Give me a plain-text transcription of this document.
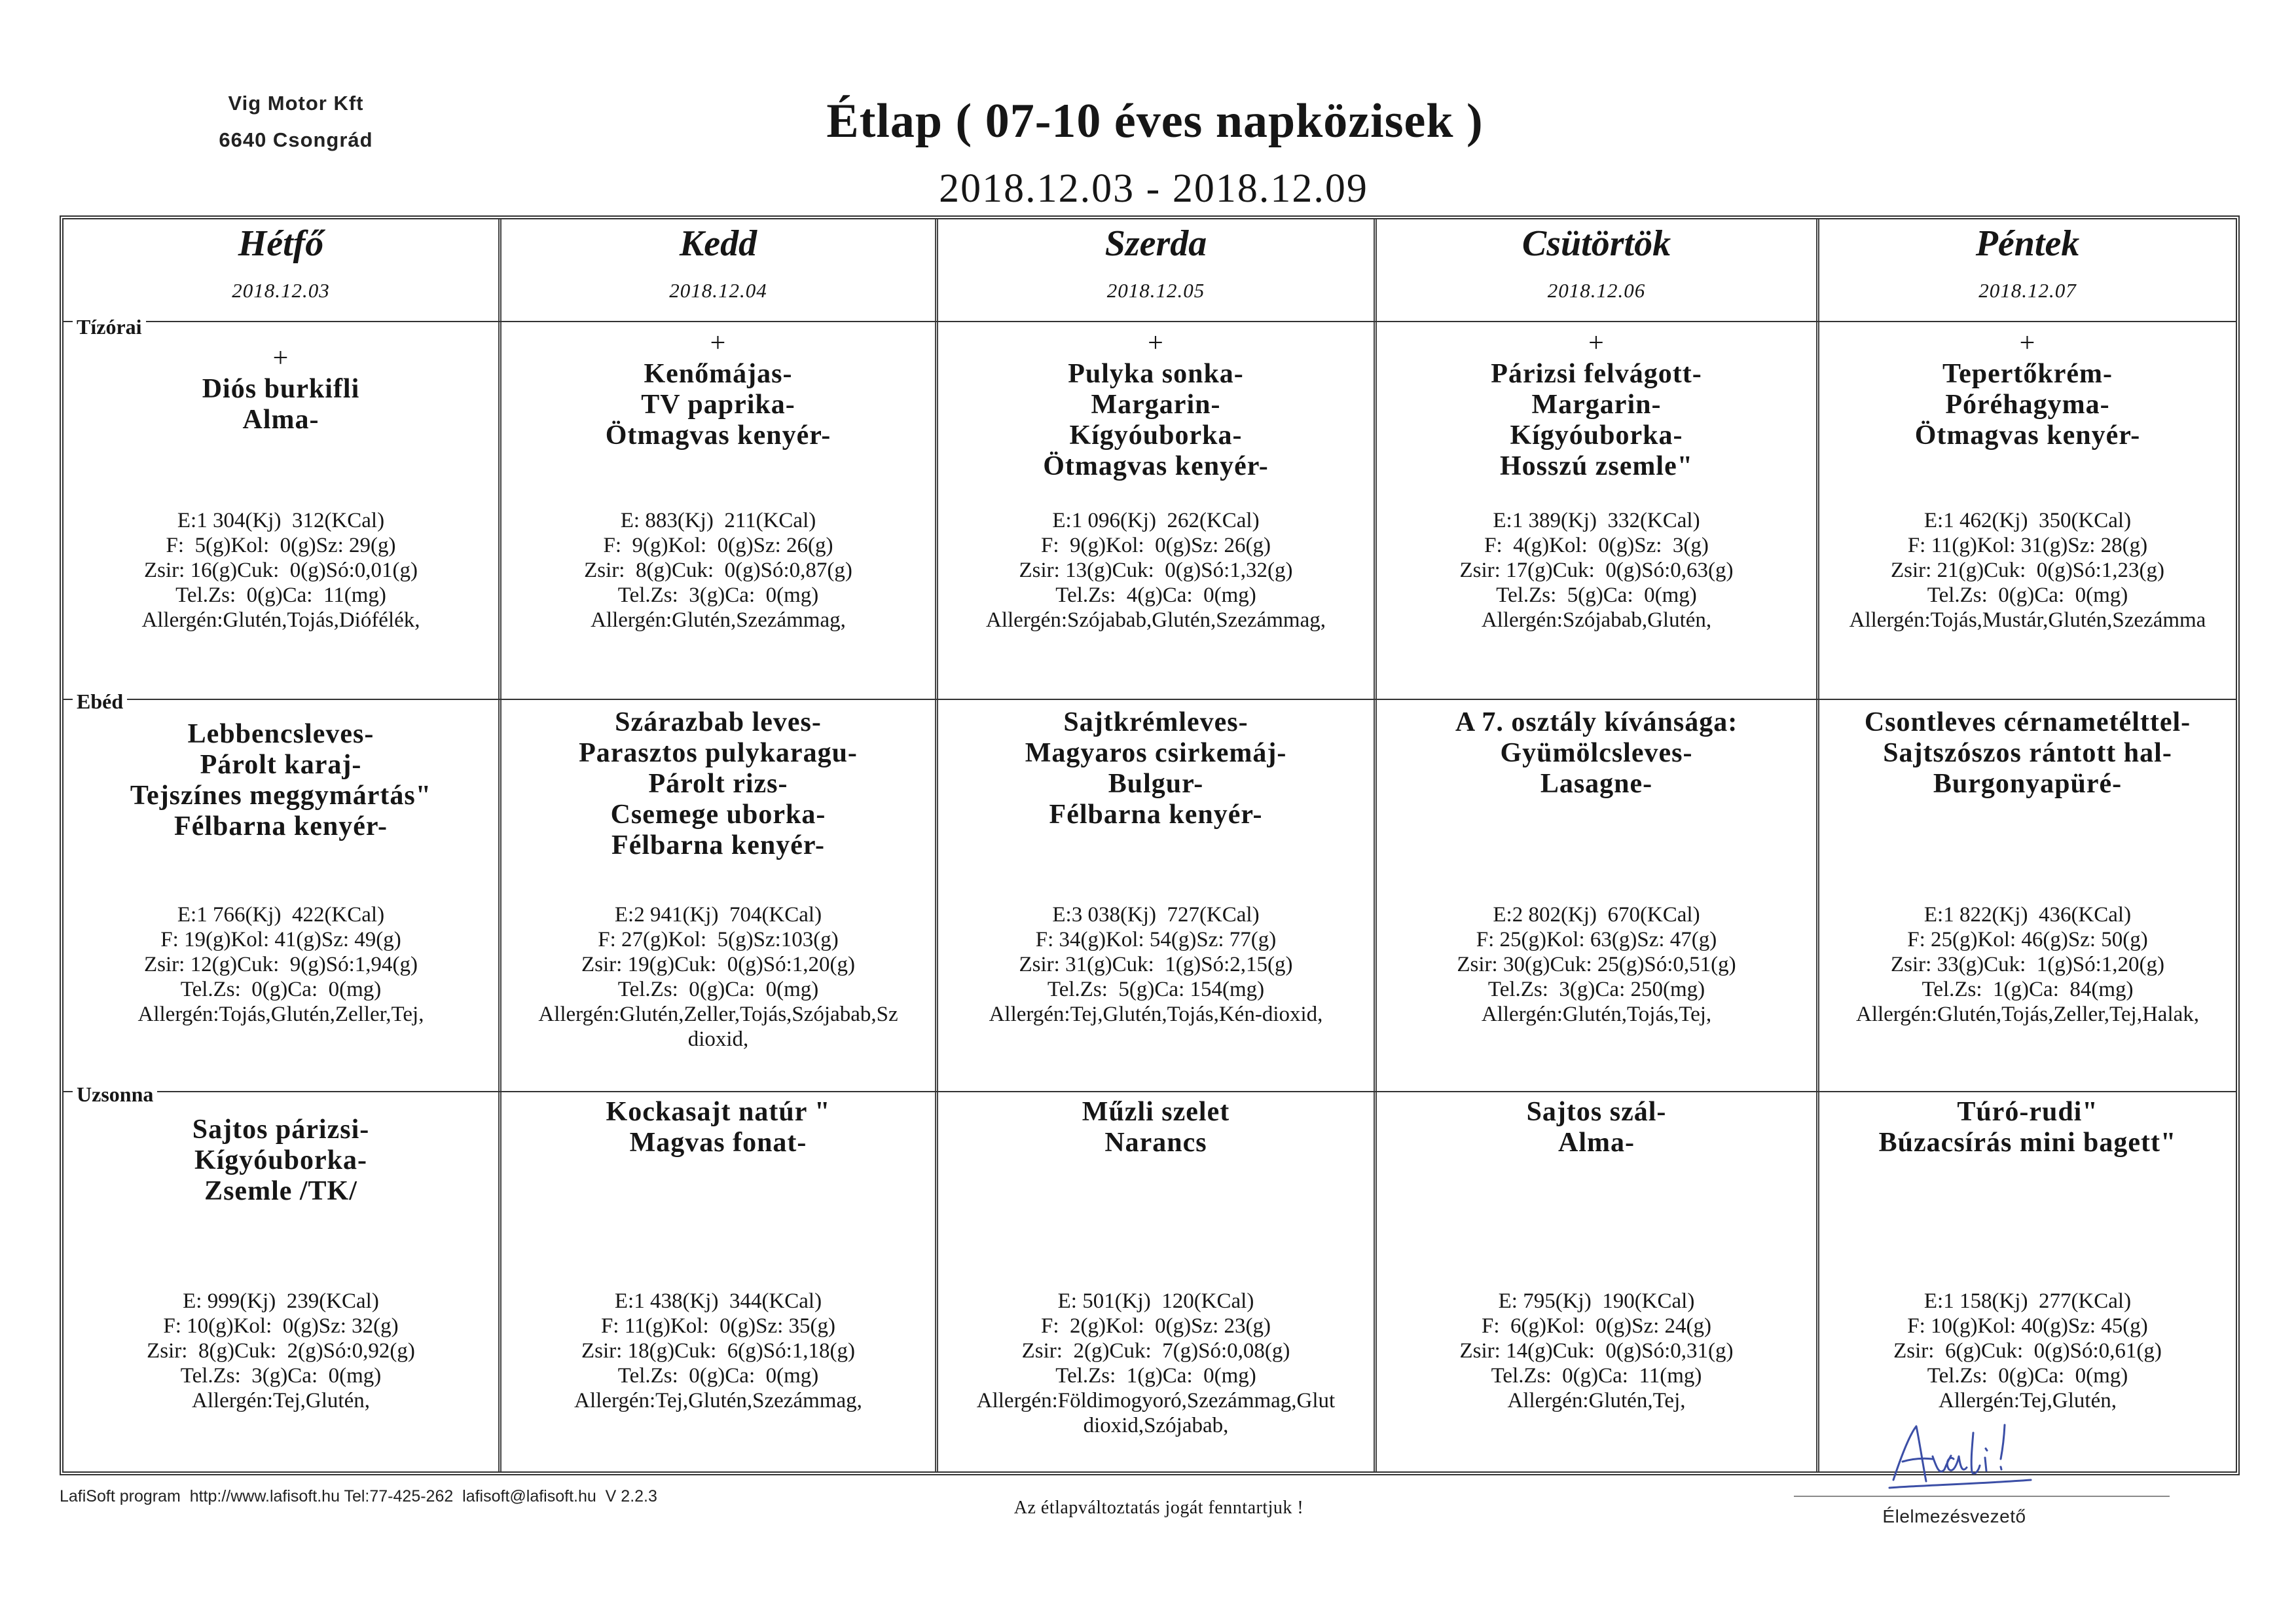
Vig Motor Kft
6640 Csongrád	Étlap ( 07-10 éves napközisek )
2018.12.03 - 2018.12.09
Hétfő
2018.12.03
+
Diós burkifli
Alma-
E:1 304(Kj)  312(KCal)
F:  5(g)Kol:  0(g)Sz: 29(g)
Zsir: 16(g)Cuk:  0(g)Só:0,01(g)
Tel.Zs:  0(g)Ca:  11(mg)
Allergén:Glutén,Tojás,Diófélék,
Lebbencsleves-
Párolt karaj-
Tejszínes meggymártás"
Félbarna kenyér-
E:1 766(Kj)  422(KCal)
F: 19(g)Kol: 41(g)Sz: 49(g)
Zsir: 12(g)Cuk:  9(g)Só:1,94(g)
Tel.Zs:  0(g)Ca:  0(mg)
Allergén:Tojás,Glutén,Zeller,Tej,
Sajtos párizsi-
Kígyóuborka-
Zsemle /TK/
E: 999(Kj)  239(KCal)
F: 10(g)Kol:  0(g)Sz: 32(g)
Zsir:  8(g)Cuk:  2(g)Só:0,92(g)
Tel.Zs:  3(g)Ca:  0(mg)
Allergén:Tej,Glutén,
Kedd
2018.12.04
+
Kenőmájas-
TV paprika-
Ötmagvas kenyér-
E: 883(Kj)  211(KCal)
F:  9(g)Kol:  0(g)Sz: 26(g)
Zsir:  8(g)Cuk:  0(g)Só:0,87(g)
Tel.Zs:  3(g)Ca:  0(mg)
Allergén:Glutén,Szezámmag,
Szárazbab leves-
Parasztos pulykaragu-
Párolt rizs-
Csemege uborka-
Félbarna kenyér-
E:2 941(Kj)  704(KCal)
F: 27(g)Kol:  5(g)Sz:103(g)
Zsir: 19(g)Cuk:  0(g)Só:1,20(g)
Tel.Zs:  0(g)Ca:  0(mg)
Allergén:Glutén,Zeller,Tojás,Szójabab,Sz
dioxid,
Kockasajt natúr "
Magvas fonat-
E:1 438(Kj)  344(KCal)
F: 11(g)Kol:  0(g)Sz: 35(g)
Zsir: 18(g)Cuk:  6(g)Só:1,18(g)
Tel.Zs:  0(g)Ca:  0(mg)
Allergén:Tej,Glutén,Szezámmag,
Szerda
2018.12.05
+
Pulyka sonka-
Margarin-
Kígyóuborka-
Ötmagvas kenyér-
E:1 096(Kj)  262(KCal)
F:  9(g)Kol:  0(g)Sz: 26(g)
Zsir: 13(g)Cuk:  0(g)Só:1,32(g)
Tel.Zs:  4(g)Ca:  0(mg)
Allergén:Szójabab,Glutén,Szezámmag,
Sajtkrémleves-
Magyaros csirkemáj-
Bulgur-
Félbarna kenyér-
E:3 038(Kj)  727(KCal)
F: 34(g)Kol: 54(g)Sz: 77(g)
Zsir: 31(g)Cuk:  1(g)Só:2,15(g)
Tel.Zs:  5(g)Ca: 154(mg)
Allergén:Tej,Glutén,Tojás,Kén-dioxid,
Műzli szelet
Narancs
E: 501(Kj)  120(KCal)
F:  2(g)Kol:  0(g)Sz: 23(g)
Zsir:  2(g)Cuk:  7(g)Só:0,08(g)
Tel.Zs:  1(g)Ca:  0(mg)
Allergén:Földimogyoró,Szezámmag,Glut
dioxid,Szójabab,
Csütörtök
2018.12.06
+
Párizsi felvágott-
Margarin-
Kígyóuborka-
Hosszú zsemle"
E:1 389(Kj)  332(KCal)
F:  4(g)Kol:  0(g)Sz:  3(g)
Zsir: 17(g)Cuk:  0(g)Só:0,63(g)
Tel.Zs:  5(g)Ca:  0(mg)
Allergén:Szójabab,Glutén,
A 7. osztály kívánsága:
Gyümölcsleves-
Lasagne-
E:2 802(Kj)  670(KCal)
F: 25(g)Kol: 63(g)Sz: 47(g)
Zsir: 30(g)Cuk: 25(g)Só:0,51(g)
Tel.Zs:  3(g)Ca: 250(mg)
Allergén:Glutén,Tojás,Tej,
Sajtos szál-
Alma-
E: 795(Kj)  190(KCal)
F:  6(g)Kol:  0(g)Sz: 24(g)
Zsir: 14(g)Cuk:  0(g)Só:0,31(g)
Tel.Zs:  0(g)Ca:  11(mg)
Allergén:Glutén,Tej,
Péntek
2018.12.07
+
Tepertőkrém-
Póréhagyma-
Ötmagvas kenyér-
E:1 462(Kj)  350(KCal)
F: 11(g)Kol: 31(g)Sz: 28(g)
Zsir: 21(g)Cuk:  0(g)Só:1,23(g)
Tel.Zs:  0(g)Ca:  0(mg)
Allergén:Tojás,Mustár,Glutén,Szezámma
Csontleves cérnametélttel-
Sajtszószos rántott hal-
Burgonyapüré-
E:1 822(Kj)  436(KCal)
F: 25(g)Kol: 46(g)Sz: 50(g)
Zsir: 33(g)Cuk:  1(g)Só:1,20(g)
Tel.Zs:  1(g)Ca:  84(mg)
Allergén:Glutén,Tojás,Zeller,Tej,Halak,
Túró-rudi"
Búzacsírás mini bagett"
E:1 158(Kj)  277(KCal)
F: 10(g)Kol: 40(g)Sz: 45(g)
Zsir:  6(g)Cuk:  0(g)Só:0,61(g)
Tel.Zs:  0(g)Ca:  0(mg)
Allergén:Tej,Glutén,
Tízórai
Ebéd
Uzsonna
LafiSoft program  http://www.lafisoft.hu Tel:77-425-262  lafisoft@lafisoft.hu  V 2.2.3
Az étlapváltoztatás jogát fenntartjuk !	Élelmezésvezető
